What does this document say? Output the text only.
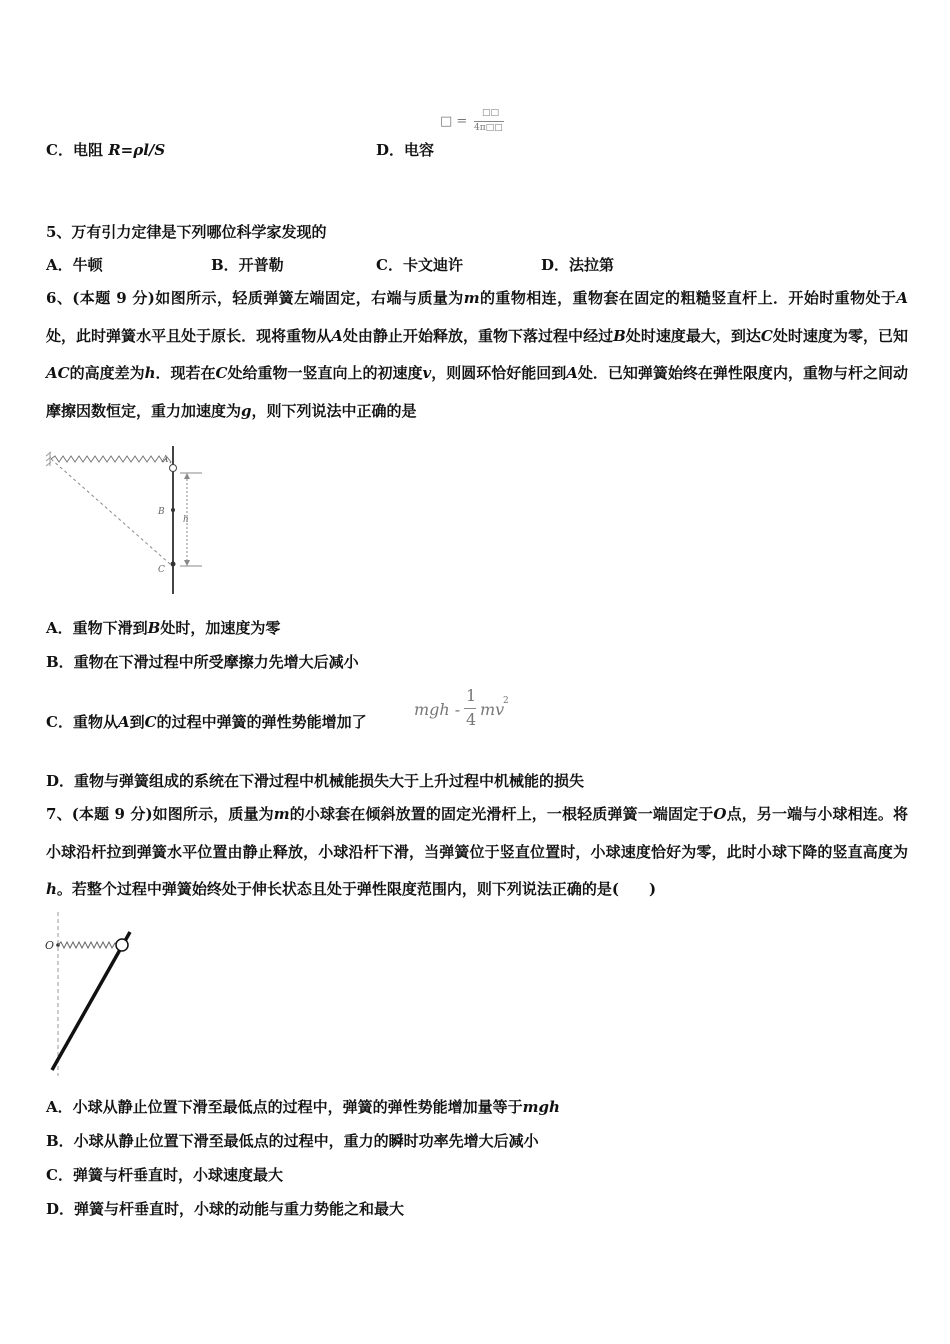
C．电阻 R=ρl/S	D．电容
□ =
□□
4π□□
5、万有引力定律是下列哪位科学家发现的
A．牛顿	B．开普勒	C．卡文迪许	D．法拉第
6、(本题 9 分)如图所示，轻质弹簧左端固定，右端与质量为m的重物相连，重物套在固定的粗糙竖直杆上．开始时重物处于A处，此时弹簧水平且处于原长．现将重物从A处由静止开始释放，重物下落过程中经过B处时速度最大，到达C处时速度为零，已知AC的高度差为h．现若在C处给重物一竖直向上的初速度v，则圆环恰好能回到A处．已知弹簧始终在弹性限度内，重物与杆之间动摩擦因数恒定，重力加速度为g，则下列说法中正确的是
A
B
C
h
A．重物下滑到B处时，加速度为零
B．重物在下滑过程中所受摩擦力先增大后减小
C．重物从A到C的过程中弹簧的弹性势能增加了
mgh -
1
4
mv
2
D．重物与弹簧组成的系统在下滑过程中机械能损失大于上升过程中机械能的损失
7、(本题 9 分)如图所示，质量为m的小球套在倾斜放置的固定光滑杆上，一根轻质弹簧一端固定于O点，另一端与小球相连。将小球沿杆拉到弹簧水平位置由静止释放，小球沿杆下滑，当弹簧位于竖直位置时，小球速度恰好为零，此时小球下降的竖直高度为h。若整个过程中弹簧始终处于伸长状态且处于弹性限度范围内，则下列说法正确的是(　　)
O
A．小球从静止位置下滑至最低点的过程中，弹簧的弹性势能增加量等于mgh
B．小球从静止位置下滑至最低点的过程中，重力的瞬时功率先增大后减小
C．弹簧与杆垂直时，小球速度最大
D．弹簧与杆垂直时，小球的动能与重力势能之和最大
